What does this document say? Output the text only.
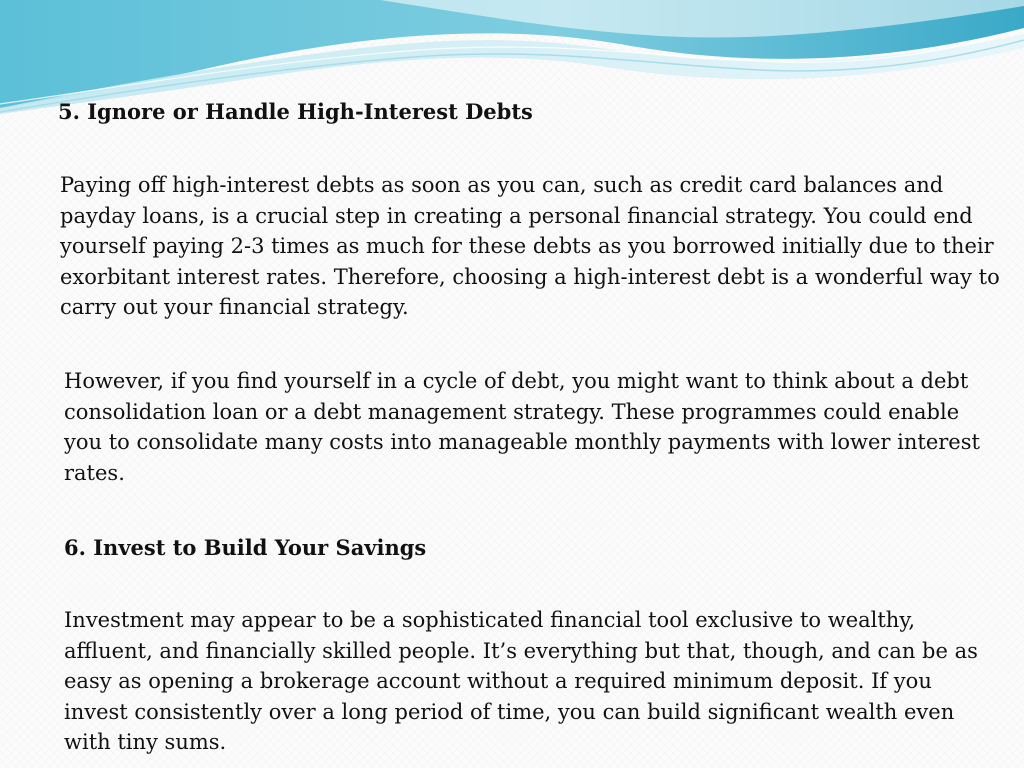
5. Ignore or Handle High-Interest Debts

Paying off high-interest debts as soon as you can, such as credit card balances and payday loans, is a crucial step in creating a personal financial strategy. You could end yourself paying 2-3 times as much for these debts as you borrowed initially due to their exorbitant interest rates. Therefore, choosing a high-interest debt is a wonderful way to carry out your financial strategy.

However, if you find yourself in a cycle of debt, you might want to think about a debt consolidation loan or a debt management strategy. These programmes could enable you to consolidate many costs into manageable monthly payments with lower interest rates.

6. Invest to Build Your Savings

Investment may appear to be a sophisticated financial tool exclusive to wealthy, affluent, and financially skilled people. It’s everything but that, though, and can be as easy as opening a brokerage account without a required minimum deposit. If you invest consistently over a long period of time, you can build significant wealth even with tiny sums.
